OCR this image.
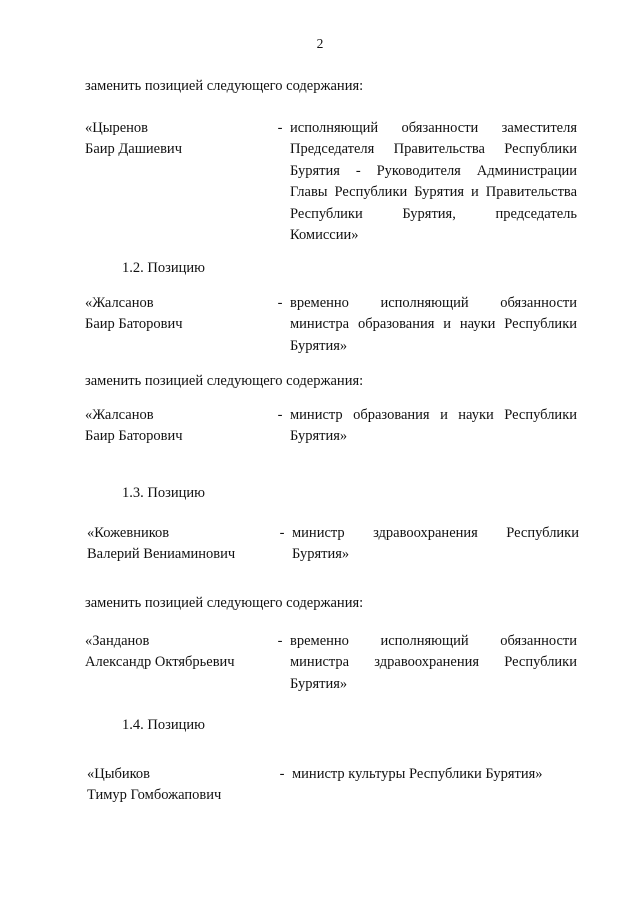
2
заменить позицией следующего содержания:
«Цыренов
Баир Дашиевич
- исполняющий обязанности заместителя Председателя Правительства Республики Бурятия - Руководителя Администрации Главы Республики Бурятия и Правительства Республики Бурятия, председатель Комиссии»
1.2. Позицию
«Жалсанов
Баир Баторович
- временно исполняющий обязанности министра образования и науки Республики Бурятия»
заменить позицией следующего содержания:
«Жалсанов
Баир Баторович
- министр образования и науки Республики Бурятия»
1.3. Позицию
«Кожевников
Валерий Вениаминович
- министр здравоохранения Республики Бурятия»
заменить позицией следующего содержания:
«Занданов
Александр Октябрьевич
- временно исполняющий обязанности министра здравоохранения Республики Бурятия»
1.4. Позицию
«Цыбиков
Тимур Гомбожапович
- министр культуры Республики Бурятия»
